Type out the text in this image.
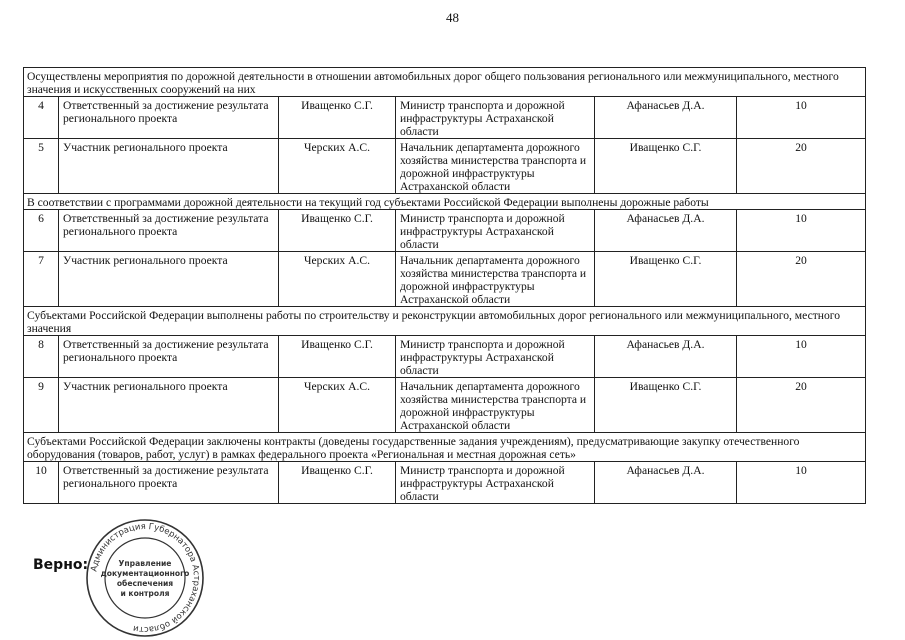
48
Осуществлены мероприятия по дорожной деятельности в отношении автомобильных дорог общего пользования регионального или межмуниципального, местного значения и искусственных сооружений на них					
4	Ответственный за достижение результата регионального проекта	Иващенко С.Г.	Министр транспорта и дорожной инфраструктуры Астраханской области	Афанасьев Д.А.	10
5	Участник регионального проекта	Черских А.С.	Начальник департамента дорожного хозяйства министерства транспорта и дорожной инфраструктуры Астраханской области	Иващенко С.Г.	20
В соответствии с программами дорожной деятельности на текущий год субъектами Российской Федерации выполнены дорожные работы					
6	Ответственный за достижение результата регионального проекта	Иващенко С.Г.	Министр транспорта и дорожной инфраструктуры Астраханской области	Афанасьев Д.А.	10
7	Участник регионального проекта	Черских А.С.	Начальник департамента дорожного хозяйства министерства транспорта и дорожной инфраструктуры Астраханской области	Иващенко С.Г.	20
Субъектами Российской Федерации выполнены работы по строительству и реконструкции автомобильных дорог регионального или межмуниципального, местного значения					
8	Ответственный за достижение результата регионального проекта	Иващенко С.Г.	Министр транспорта и дорожной инфраструктуры Астраханской области	Афанасьев Д.А.	10
9	Участник регионального проекта	Черских А.С.	Начальник департамента дорожного хозяйства министерства транспорта и дорожной инфраструктуры Астраханской области	Иващенко С.Г.	20
Субъектами Российской Федерации заключены контракты (доведены государственные задания учреждениям), предусматривающие закупку отечественного оборудования (товаров, работ, услуг) в рамках федерального проекта «Региональная и местная дорожная сеть»					
10	Ответственный за достижение результата регионального проекта	Иващенко С.Г.	Министр транспорта и дорожной инфраструктуры Астраханской области	Афанасьев Д.А.	10
Верно: Администрация Губернатора Астраханской области
Управление
документационного
обеспечения
и контроля
